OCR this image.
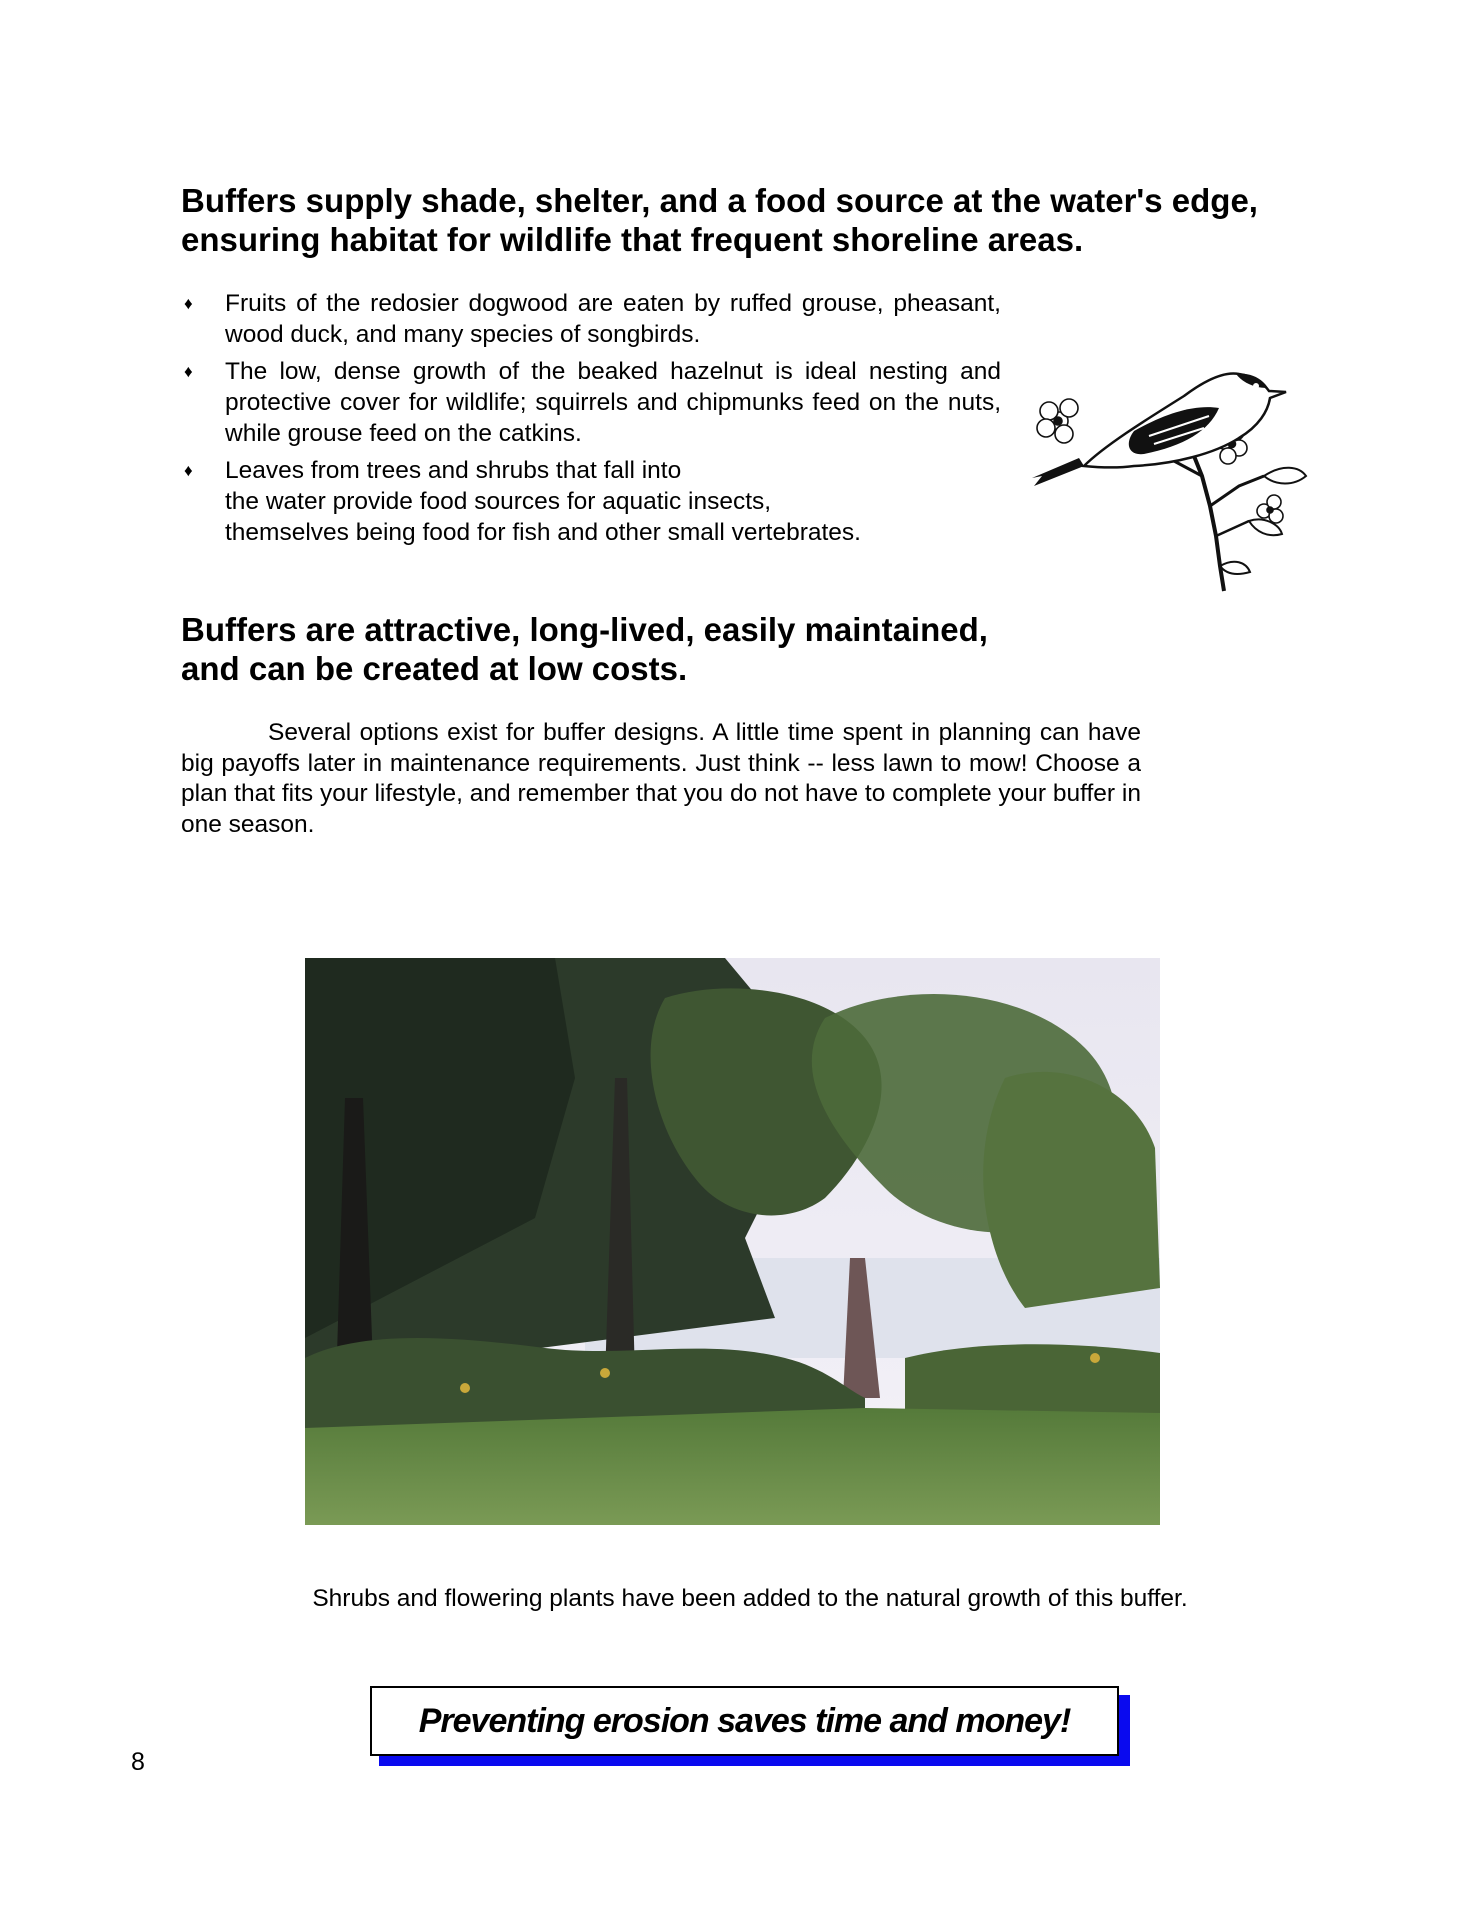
Buffers supply shade, shelter, and a food source at the water's edge, ensuring habitat for wildlife that frequent shoreline areas.
♦ Fruits of the redosier dogwood are eaten by ruffed grouse, pheasant, wood duck, and many species of songbirds.
♦ The low, dense growth of the beaked hazelnut is ideal nesting and protective cover for wildlife; squirrels and chipmunks feed on the nuts, while grouse feed on the catkins.
♦ Leaves from trees and shrubs that fall into
the water provide food sources for aquatic insects,
themselves being food for fish and other small vertebrates.
Buffers are attractive, long-lived, easily maintained, and can be created at low costs.

Several options exist for buffer designs. A little time spent in planning can have big payoffs later in maintenance requirements. Just think -- less lawn to mow! Choose a plan that fits your lifestyle, and remember that you do not have to complete your buffer in one season.

Shrubs and flowering plants have been added to the natural growth of this buffer.

Preventing erosion saves time and money!

8
